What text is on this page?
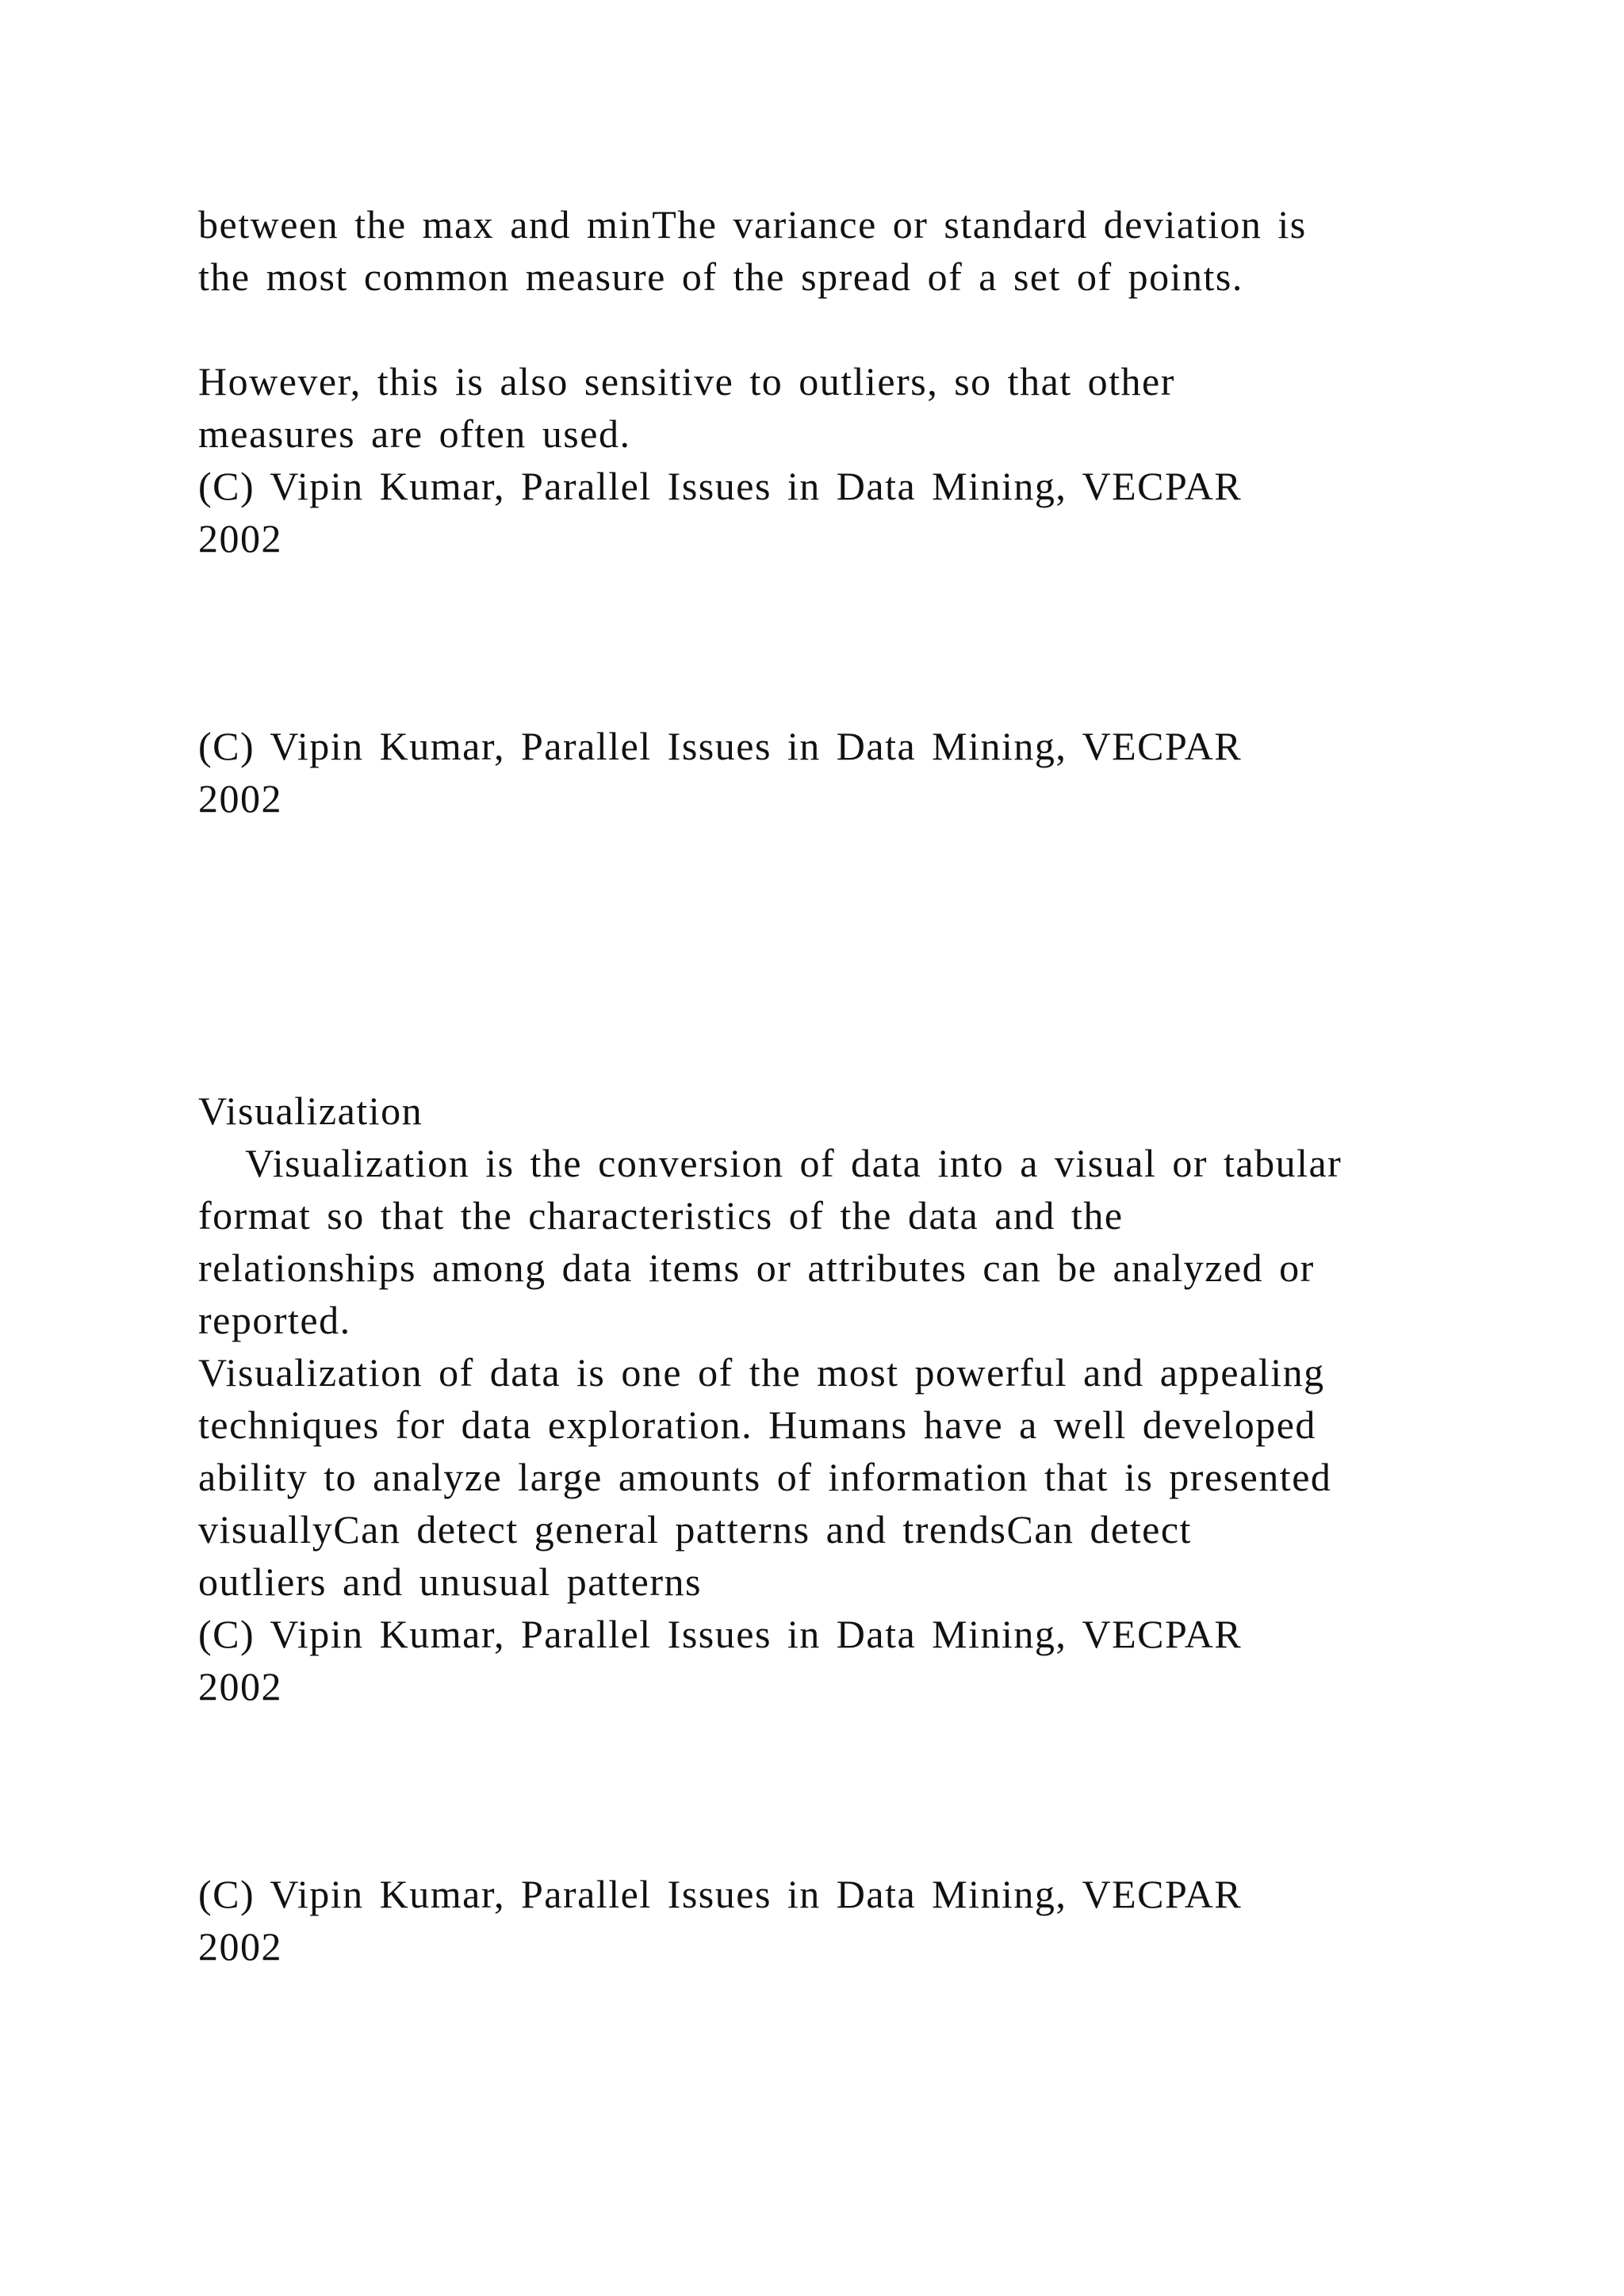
between the max and minThe variance or standard deviation is
the most common measure of the spread of a set of points.
However, this is also sensitive to outliers, so that other
measures are often used.
(C) Vipin Kumar, Parallel Issues in Data Mining, VECPAR
2002
(C) Vipin Kumar, Parallel Issues in Data Mining, VECPAR
2002
Visualization
Visualization is the conversion of data into a visual or tabular
format so that the characteristics of the data and the
relationships among data items or attributes can be analyzed or
reported.
Visualization of data is one of the most powerful and appealing
techniques for data exploration. Humans have a well developed
ability to analyze large amounts of information that is presented
visuallyCan detect general patterns and trendsCan detect
outliers and unusual patterns
(C) Vipin Kumar, Parallel Issues in Data Mining, VECPAR
2002
(C) Vipin Kumar, Parallel Issues in Data Mining, VECPAR
2002
